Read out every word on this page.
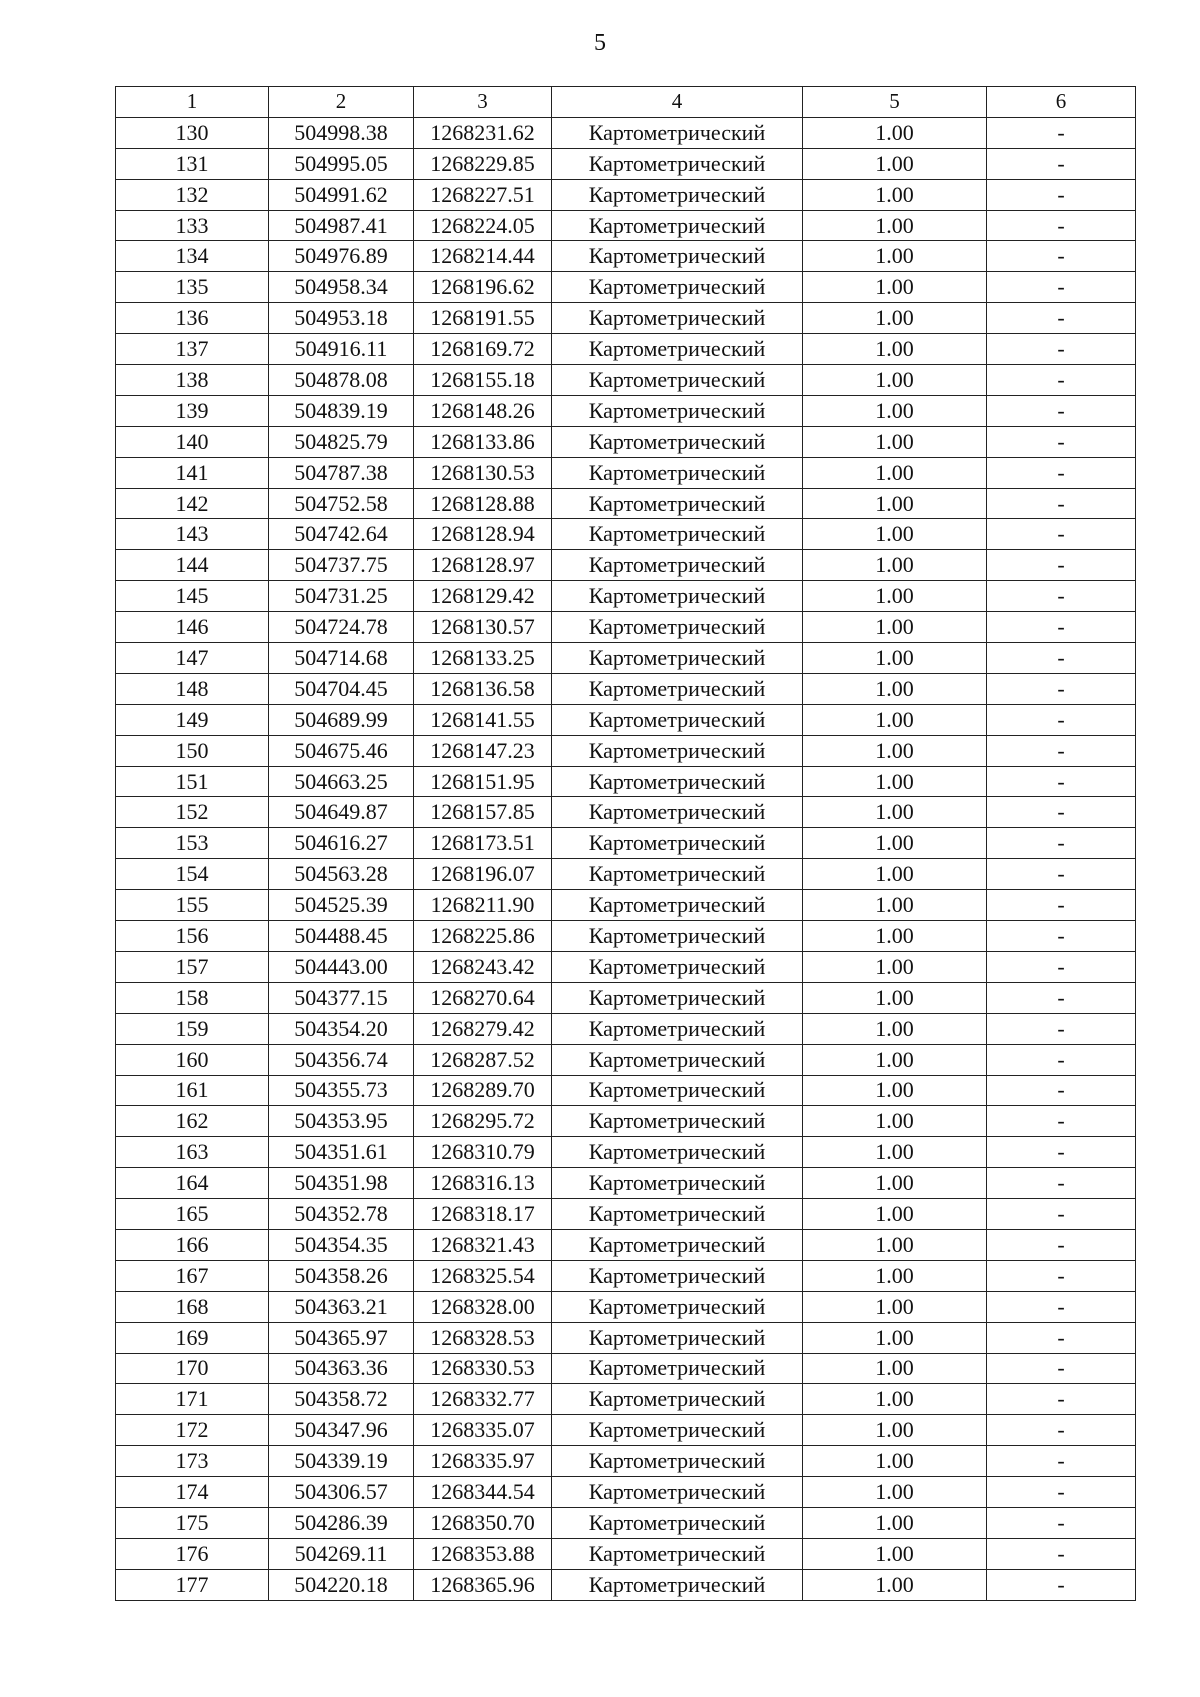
5
1	2	3	4	5	6
130	504998.38	1268231.62	Картометрический	1.00	-
131	504995.05	1268229.85	Картометрический	1.00	-
132	504991.62	1268227.51	Картометрический	1.00	-
133	504987.41	1268224.05	Картометрический	1.00	-
134	504976.89	1268214.44	Картометрический	1.00	-
135	504958.34	1268196.62	Картометрический	1.00	-
136	504953.18	1268191.55	Картометрический	1.00	-
137	504916.11	1268169.72	Картометрический	1.00	-
138	504878.08	1268155.18	Картометрический	1.00	-
139	504839.19	1268148.26	Картометрический	1.00	-
140	504825.79	1268133.86	Картометрический	1.00	-
141	504787.38	1268130.53	Картометрический	1.00	-
142	504752.58	1268128.88	Картометрический	1.00	-
143	504742.64	1268128.94	Картометрический	1.00	-
144	504737.75	1268128.97	Картометрический	1.00	-
145	504731.25	1268129.42	Картометрический	1.00	-
146	504724.78	1268130.57	Картометрический	1.00	-
147	504714.68	1268133.25	Картометрический	1.00	-
148	504704.45	1268136.58	Картометрический	1.00	-
149	504689.99	1268141.55	Картометрический	1.00	-
150	504675.46	1268147.23	Картометрический	1.00	-
151	504663.25	1268151.95	Картометрический	1.00	-
152	504649.87	1268157.85	Картометрический	1.00	-
153	504616.27	1268173.51	Картометрический	1.00	-
154	504563.28	1268196.07	Картометрический	1.00	-
155	504525.39	1268211.90	Картометрический	1.00	-
156	504488.45	1268225.86	Картометрический	1.00	-
157	504443.00	1268243.42	Картометрический	1.00	-
158	504377.15	1268270.64	Картометрический	1.00	-
159	504354.20	1268279.42	Картометрический	1.00	-
160	504356.74	1268287.52	Картометрический	1.00	-
161	504355.73	1268289.70	Картометрический	1.00	-
162	504353.95	1268295.72	Картометрический	1.00	-
163	504351.61	1268310.79	Картометрический	1.00	-
164	504351.98	1268316.13	Картометрический	1.00	-
165	504352.78	1268318.17	Картометрический	1.00	-
166	504354.35	1268321.43	Картометрический	1.00	-
167	504358.26	1268325.54	Картометрический	1.00	-
168	504363.21	1268328.00	Картометрический	1.00	-
169	504365.97	1268328.53	Картометрический	1.00	-
170	504363.36	1268330.53	Картометрический	1.00	-
171	504358.72	1268332.77	Картометрический	1.00	-
172	504347.96	1268335.07	Картометрический	1.00	-
173	504339.19	1268335.97	Картометрический	1.00	-
174	504306.57	1268344.54	Картометрический	1.00	-
175	504286.39	1268350.70	Картометрический	1.00	-
176	504269.11	1268353.88	Картометрический	1.00	-
177	504220.18	1268365.96	Картометрический	1.00	-
